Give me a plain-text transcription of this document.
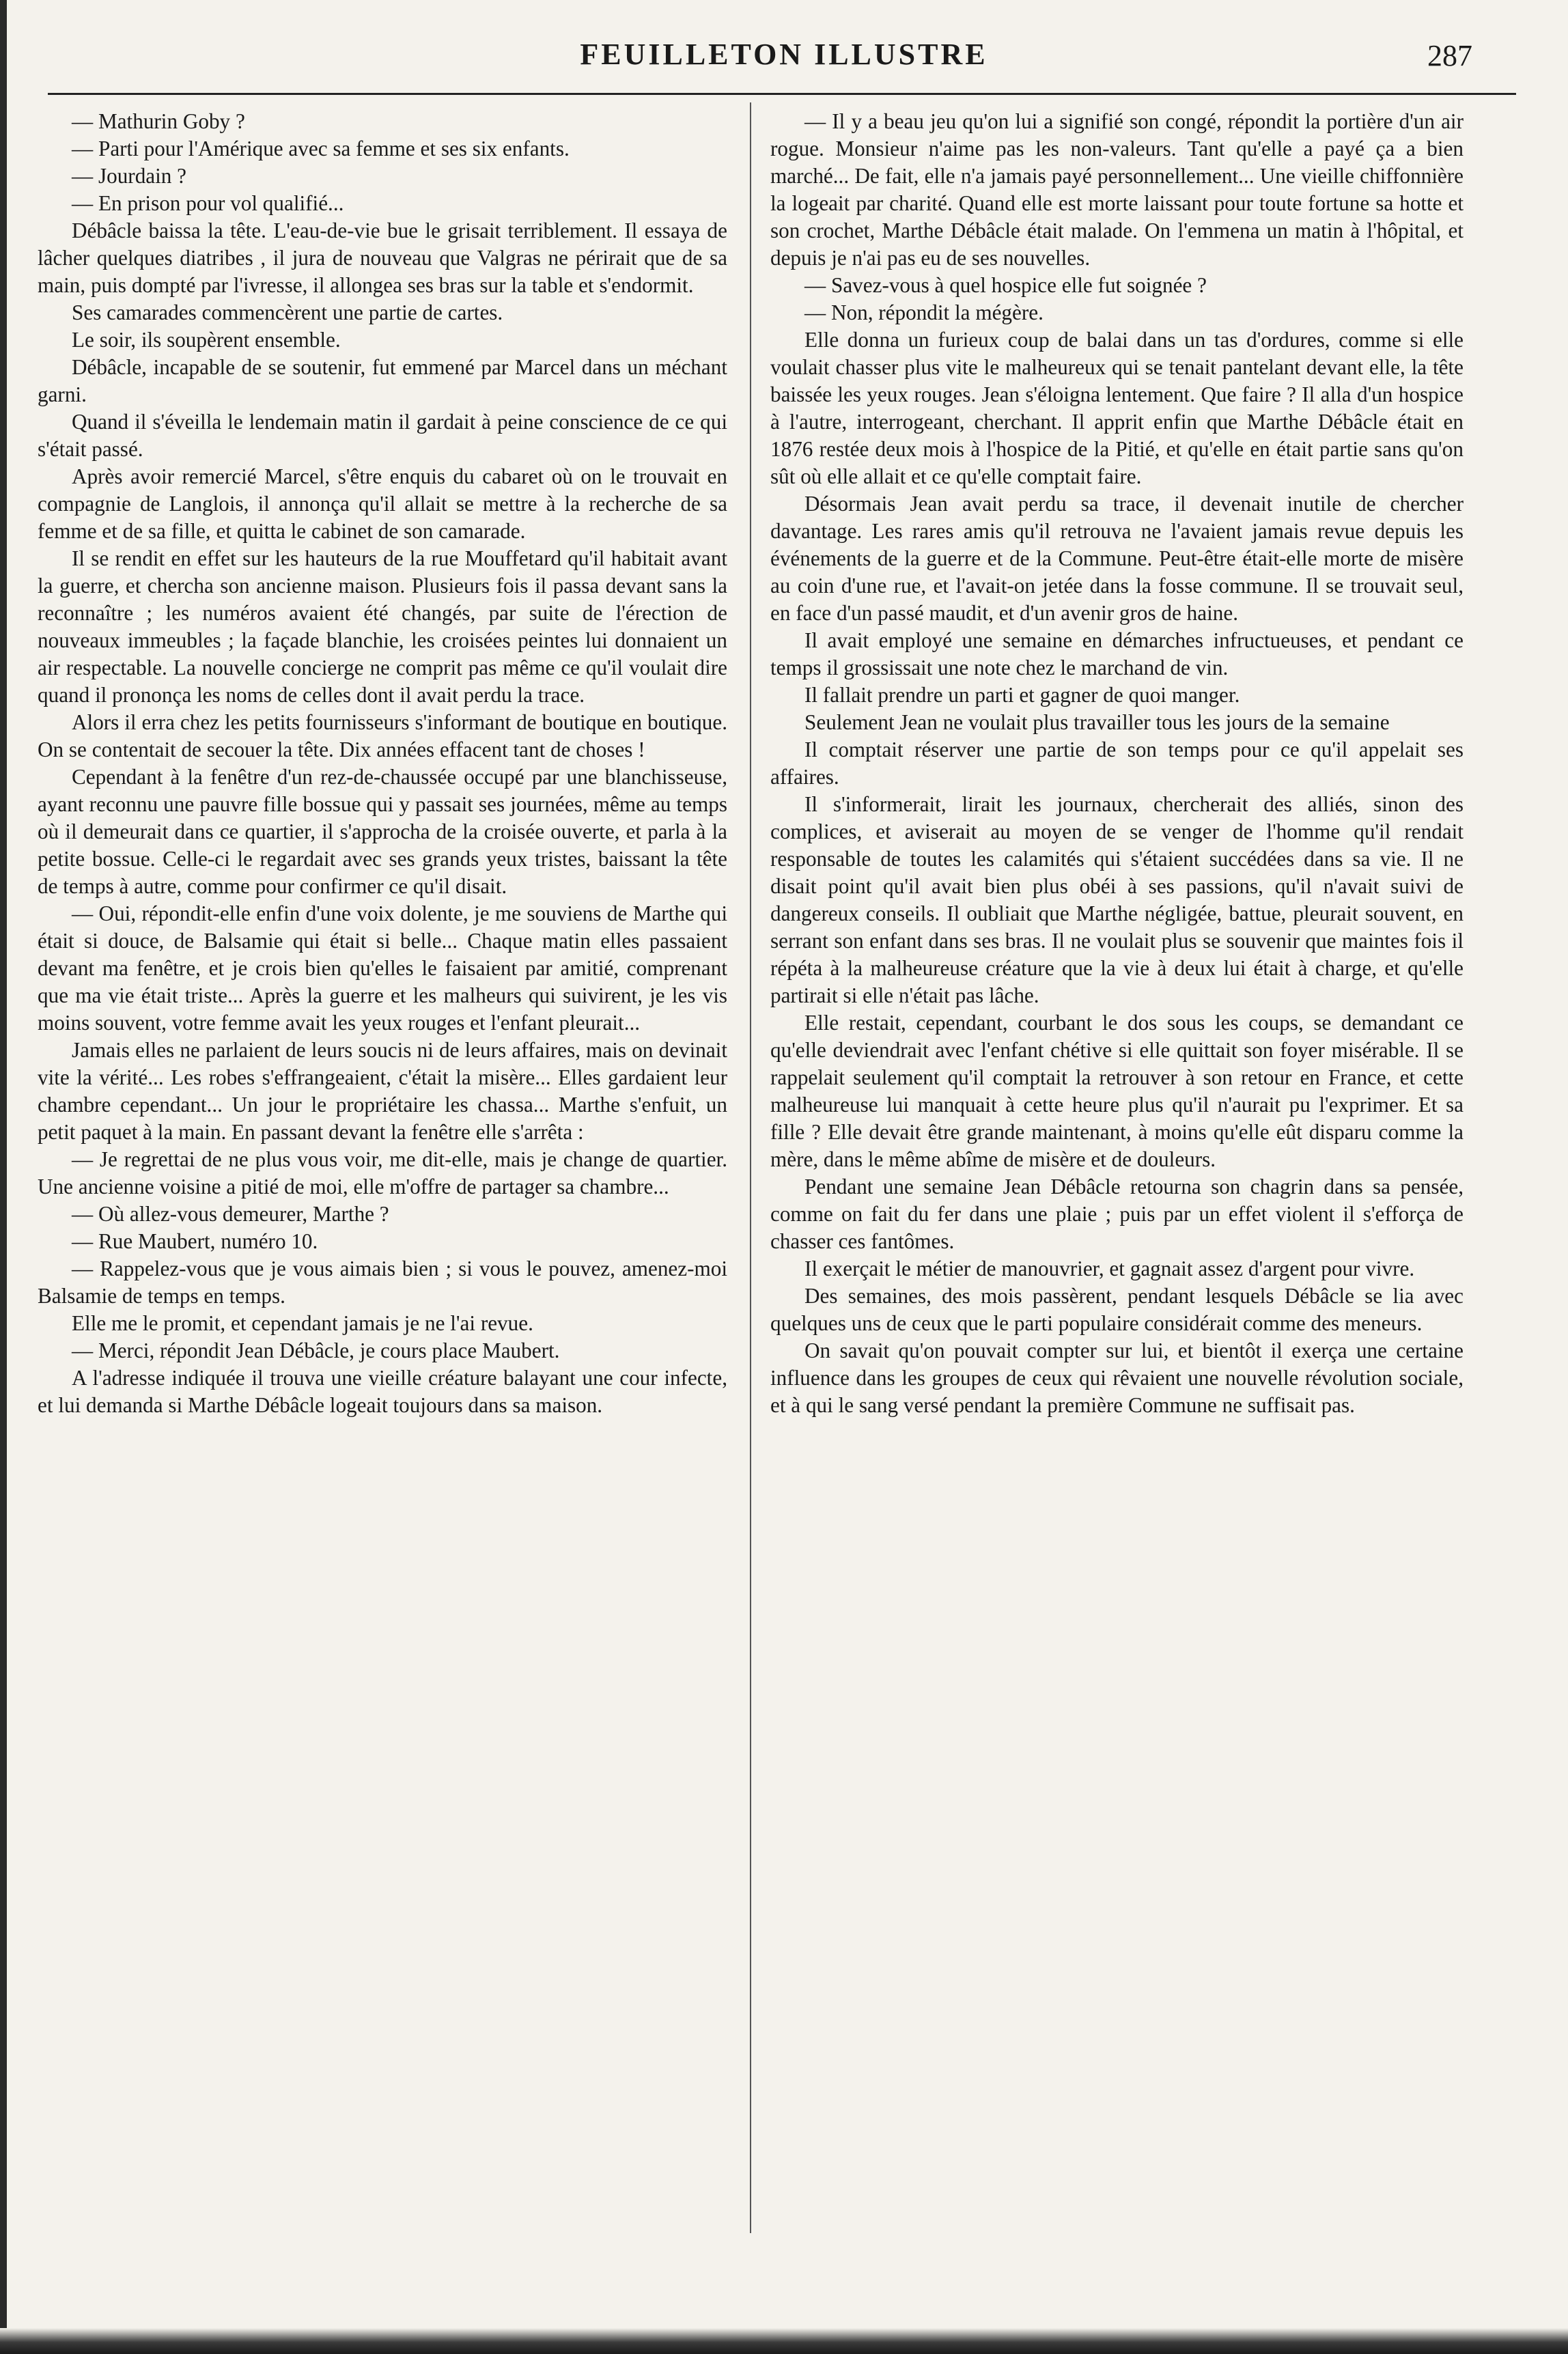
FEUILLETON ILLUSTRE	287

— Mathurin Goby ?

— Parti pour l'Amérique avec sa femme et ses six enfants.

— Jourdain ?

— En prison pour vol qualifié...

Débâcle baissa la tête. L'eau-de-vie bue le grisait terriblement. Il essaya de lâcher quelques diatribes , il jura de nouveau que Valgras ne périrait que de sa main, puis dompté par l'ivresse, il allongea ses bras sur la table et s'endormit.

Ses camarades commencèrent une partie de cartes.

Le soir, ils soupèrent ensemble.

Débâcle, incapable de se soutenir, fut emmené par Marcel dans un méchant garni.

Quand il s'éveilla le lendemain matin il gardait à peine conscience de ce qui s'était passé.

Après avoir remercié Marcel, s'être enquis du cabaret où on le trouvait en compagnie de Langlois, il annonça qu'il allait se mettre à la recherche de sa femme et de sa fille, et quitta le cabinet de son camarade.

Il se rendit en effet sur les hauteurs de la rue Mouffetard qu'il habitait avant la guerre, et chercha son ancienne maison. Plusieurs fois il passa devant sans la reconnaître ; les numéros avaient été changés, par suite de l'érection de nouveaux immeubles ; la façade blanchie, les croisées peintes lui donnaient un air respectable. La nouvelle concierge ne comprit pas même ce qu'il voulait dire quand il prononça les noms de celles dont il avait perdu la trace.

Alors il erra chez les petits fournisseurs s'informant de boutique en boutique. On se contentait de secouer la tête. Dix années effacent tant de choses !

Cependant à la fenêtre d'un rez-de-chaussée occupé par une blanchisseuse, ayant reconnu une pauvre fille bossue qui y passait ses journées, même au temps où il demeurait dans ce quartier, il s'approcha de la croisée ouverte, et parla à la petite bossue. Celle-ci le regardait avec ses grands yeux tristes, baissant la tête de temps à autre, comme pour confirmer ce qu'il disait.

— Oui, répondit-elle enfin d'une voix dolente, je me souviens de Marthe qui était si douce, de Balsamie qui était si belle... Chaque matin elles passaient devant ma fenêtre, et je crois bien qu'elles le faisaient par amitié, comprenant que ma vie était triste... Après la guerre et les malheurs qui suivirent, je les vis moins souvent, votre femme avait les yeux rouges et l'enfant pleurait...

Jamais elles ne parlaient de leurs soucis ni de leurs affaires, mais on devinait vite la vérité... Les robes s'effrangeaient, c'était la misère... Elles gardaient leur chambre cependant... Un jour le propriétaire les chassa... Marthe s'enfuit, un petit paquet à la main. En passant devant la fenêtre elle s'arrêta :

— Je regrettai de ne plus vous voir, me dit-elle, mais je change de quartier. Une ancienne voisine a pitié de moi, elle m'offre de partager sa chambre...

— Où allez-vous demeurer, Marthe ?

— Rue Maubert, numéro 10.

— Rappelez-vous que je vous aimais bien ; si vous le pouvez, amenez-moi Balsamie de temps en temps.

Elle me le promit, et cependant jamais je ne l'ai revue.

— Merci, répondit Jean Débâcle, je cours place Maubert.

A l'adresse indiquée il trouva une vieille créature balayant une cour infecte, et lui demanda si Marthe Débâcle logeait toujours dans sa maison.

— Il y a beau jeu qu'on lui a signifié son congé, répondit la portière d'un air rogue. Monsieur n'aime pas les non-valeurs. Tant qu'elle a payé ça a bien marché... De fait, elle n'a jamais payé personnellement... Une vieille chiffonnière la logeait par charité. Quand elle est morte laissant pour toute fortune sa hotte et son crochet, Marthe Débâcle était malade. On l'emmena un matin à l'hôpital, et depuis je n'ai pas eu de ses nouvelles.

— Savez-vous à quel hospice elle fut soignée ?

— Non, répondit la mégère.

Elle donna un furieux coup de balai dans un tas d'ordures, comme si elle voulait chasser plus vite le malheureux qui se tenait pantelant devant elle, la tête baissée les yeux rouges. Jean s'éloigna lentement. Que faire ? Il alla d'un hospice à l'autre, interrogeant, cherchant. Il apprit enfin que Marthe Débâcle était en 1876 restée deux mois à l'hospice de la Pitié, et qu'elle en était partie sans qu'on sût où elle allait et ce qu'elle comptait faire.

Désormais Jean avait perdu sa trace, il devenait inutile de chercher davantage. Les rares amis qu'il retrouva ne l'avaient jamais revue depuis les événements de la guerre et de la Commune. Peut-être était-elle morte de misère au coin d'une rue, et l'avait-on jetée dans la fosse commune. Il se trouvait seul, en face d'un passé maudit, et d'un avenir gros de haine.

Il avait employé une semaine en démarches infructueuses, et pendant ce temps il grossissait une note chez le marchand de vin.

Il fallait prendre un parti et gagner de quoi manger.

Seulement Jean ne voulait plus travailler tous les jours de la semaine

Il comptait réserver une partie de son temps pour ce qu'il appelait ses affaires.

Il s'informerait, lirait les journaux, chercherait des alliés, sinon des complices, et aviserait au moyen de se venger de l'homme qu'il rendait responsable de toutes les calamités qui s'étaient succédées dans sa vie. Il ne disait point qu'il avait bien plus obéi à ses passions, qu'il n'avait suivi de dangereux conseils. Il oubliait que Marthe négligée, battue, pleurait souvent, en serrant son enfant dans ses bras. Il ne voulait plus se souvenir que maintes fois il répéta à la malheureuse créature que la vie à deux lui était à charge, et qu'elle partirait si elle n'était pas lâche.

Elle restait, cependant, courbant le dos sous les coups, se demandant ce qu'elle deviendrait avec l'enfant chétive si elle quittait son foyer misérable. Il se rappelait seulement qu'il comptait la retrouver à son retour en France, et cette malheureuse lui manquait à cette heure plus qu'il n'aurait pu l'exprimer. Et sa fille ? Elle devait être grande maintenant, à moins qu'elle eût disparu comme la mère, dans le même abîme de misère et de douleurs.

Pendant une semaine Jean Débâcle retourna son chagrin dans sa pensée, comme on fait du fer dans une plaie ; puis par un effet violent il s'efforça de chasser ces fantômes.

Il exerçait le métier de manouvrier, et gagnait assez d'argent pour vivre.

Des semaines, des mois passèrent, pendant lesquels Débâcle se lia avec quelques uns de ceux que le parti populaire considérait comme des meneurs.

On savait qu'on pouvait compter sur lui, et bientôt il exerça une certaine influence dans les groupes de ceux qui rêvaient une nouvelle révolution sociale, et à qui le sang versé pendant la première Commune ne suffisait pas.
